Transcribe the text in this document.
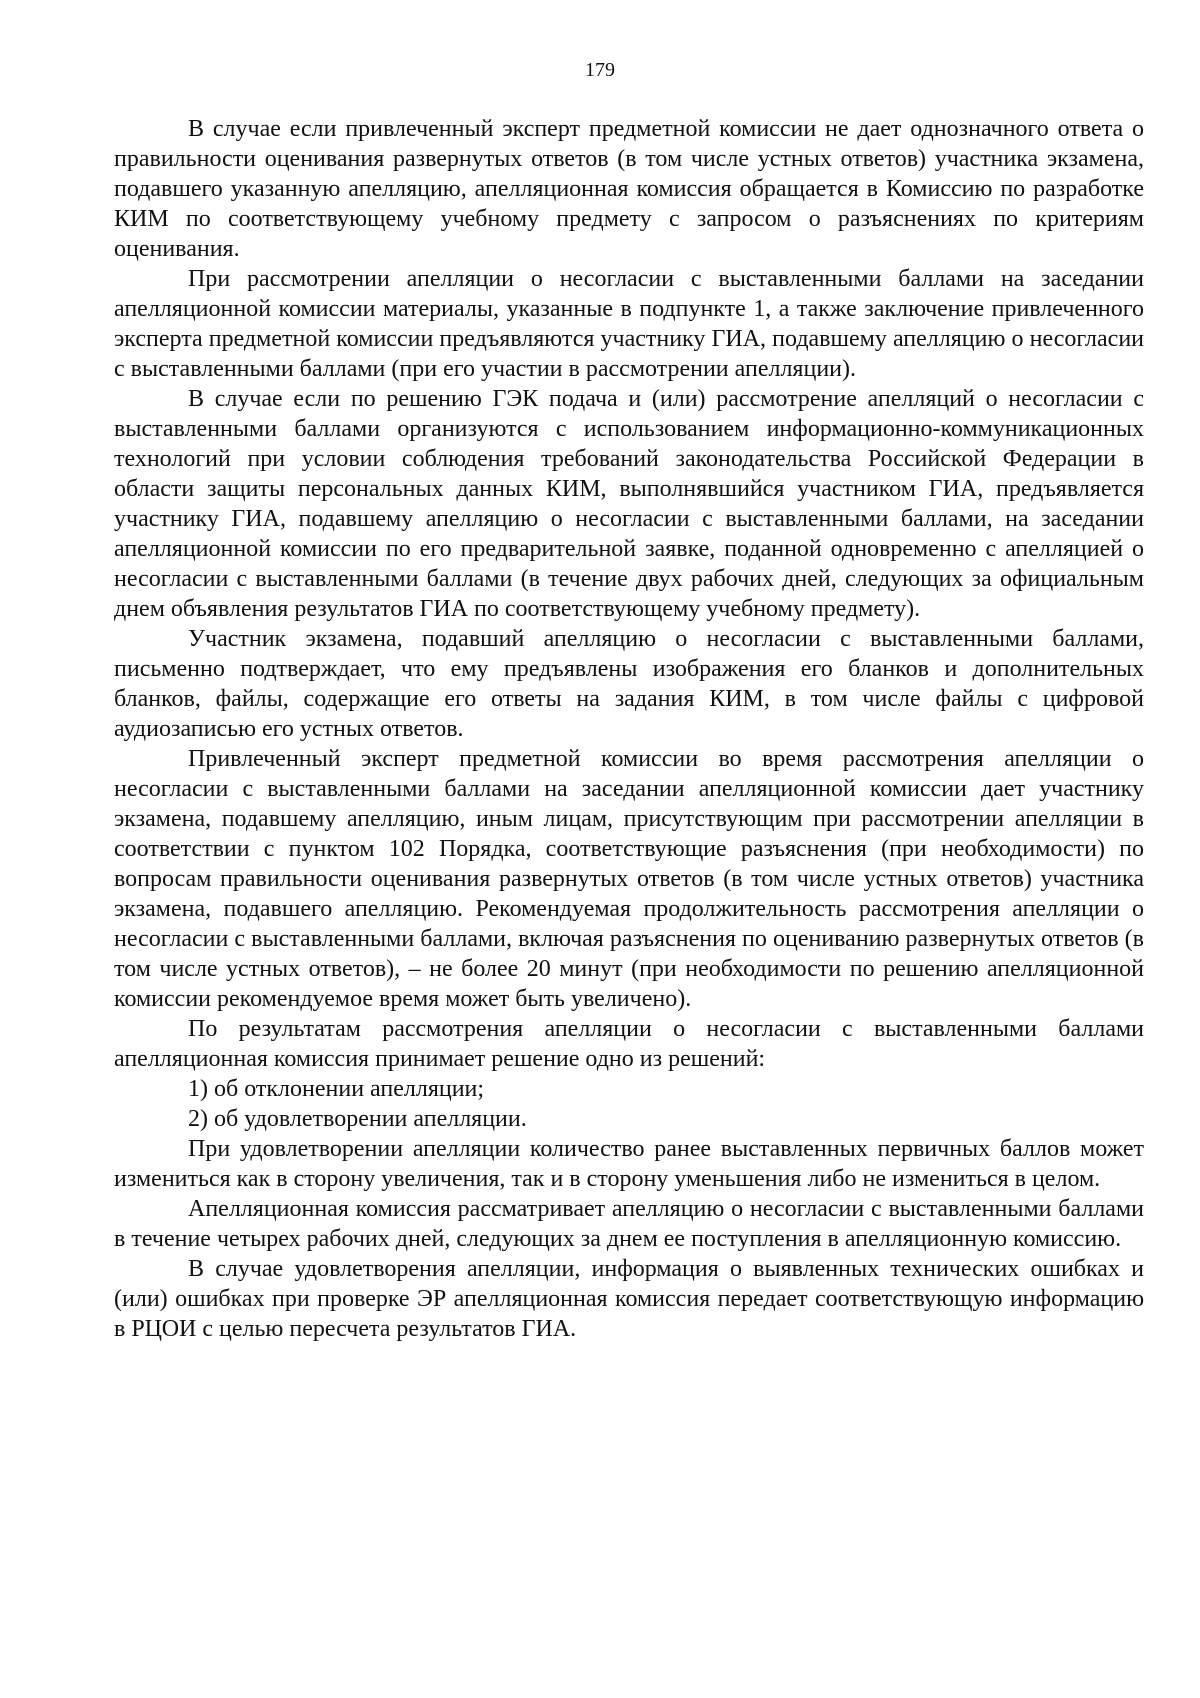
179

В случае если привлеченный эксперт предметной комиссии не дает однозначного ответа о правильности оценивания развернутых ответов (в том числе устных ответов) участника экзамена, подавшего указанную апелляцию, апелляционная комиссия обращается в Комиссию по разработке КИМ по соответствующему учебному предмету с запросом о разъяснениях по критериям оценивания.

При рассмотрении апелляции о несогласии с выставленными баллами на заседании апелляционной комиссии материалы, указанные в подпункте 1, а также заключение привлеченного эксперта предметной комиссии предъявляются участнику ГИА, подавшему апелляцию о несогласии с выставленными баллами (при его участии в рассмотрении апелляции).

В случае если по решению ГЭК подача и (или) рассмотрение апелляций о несогласии с выставленными баллами организуются с использованием информационно-коммуникационных технологий при условии соблюдения требований законодательства Российской Федерации в области защиты персональных данных КИМ, выполнявшийся участником ГИА, предъявляется участнику ГИА, подавшему апелляцию о несогласии с выставленными баллами, на заседании апелляционной комиссии по его предварительной заявке, поданной одновременно с апелляцией о несогласии с выставленными баллами (в течение двух рабочих дней, следующих за официальным днем объявления результатов ГИА по соответствующему учебному предмету).

Участник экзамена, подавший апелляцию о несогласии с выставленными баллами, письменно подтверждает, что ему предъявлены изображения его бланков и дополнительных бланков, файлы, содержащие его ответы на задания КИМ, в том числе файлы с цифровой аудиозаписью его устных ответов.

Привлеченный эксперт предметной комиссии во время рассмотрения апелляции о несогласии с выставленными баллами на заседании апелляционной комиссии дает участнику экзамена, подавшему апелляцию, иным лицам, присутствующим при рассмотрении апелляции в соответствии с пунктом 102 Порядка, соответствующие разъяснения (при необходимости) по вопросам правильности оценивания развернутых ответов (в том числе устных ответов) участника экзамена, подавшего апелляцию. Рекомендуемая продолжительность рассмотрения апелляции о несогласии с выставленными баллами, включая разъяснения по оцениванию развернутых ответов (в том числе устных ответов), – не более 20 минут (при необходимости по решению апелляционной комиссии рекомендуемое время может быть увеличено).

По результатам рассмотрения апелляции о несогласии с выставленными баллами апелляционная комиссия принимает решение одно из решений:

1) об отклонении апелляции;

2) об удовлетворении апелляции.

При удовлетворении апелляции количество ранее выставленных первичных баллов может измениться как в сторону увеличения, так и в сторону уменьшения либо не измениться в целом.

Апелляционная комиссия рассматривает апелляцию о несогласии с выставленными баллами в течение четырех рабочих дней, следующих за днем ее поступления в апелляционную комиссию.

В случае удовлетворения апелляции, информация о выявленных технических ошибках и (или) ошибках при проверке ЭР апелляционная комиссия передает соответствующую информацию в РЦОИ с целью пересчета результатов ГИА.
